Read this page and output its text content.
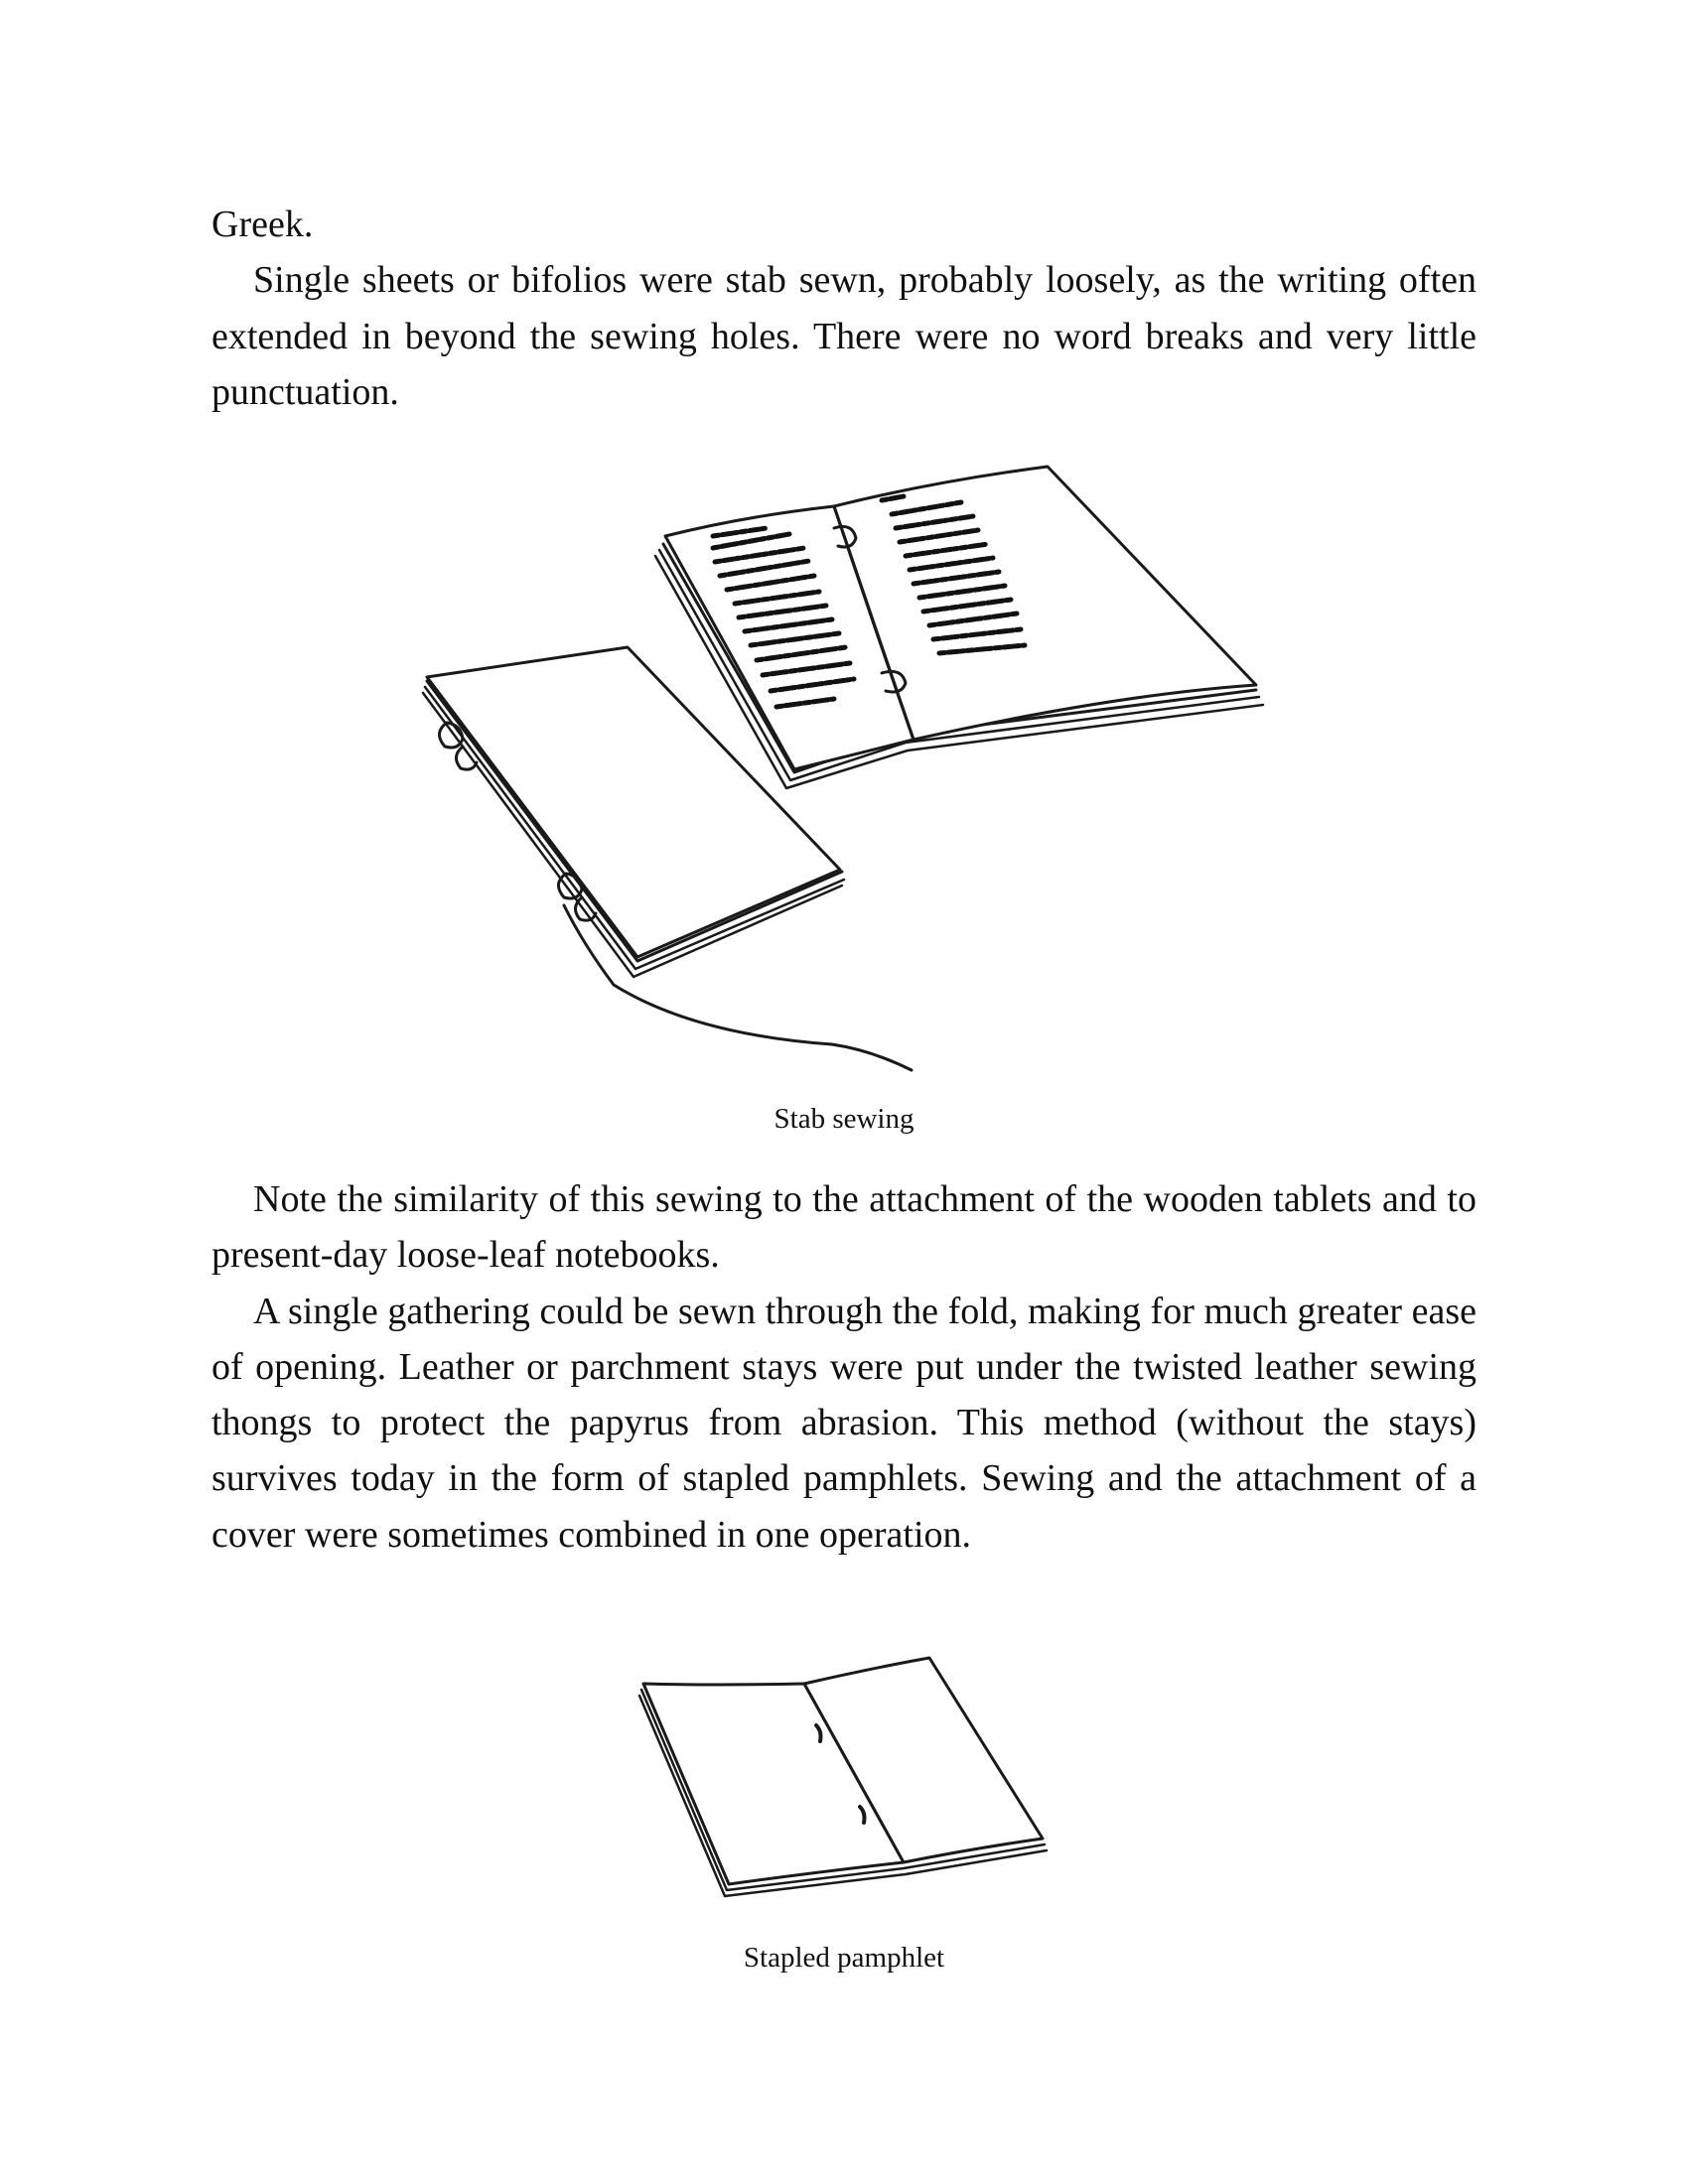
Greek.

Single sheets or bifolios were stab sewn, probably loosely, as the writing often extended in beyond the sewing holes. There were no word breaks and very little punctuation.

Stab sewing

Note the similarity of this sewing to the attachment of the wooden tablets and to present-day loose-leaf notebooks.

A single gathering could be sewn through the fold, making for much greater ease of opening. Leather or parchment stays were put under the twisted leather sewing thongs to protect the papyrus from abrasion. This method (without the stays) survives today in the form of stapled pamphlets. Sewing and the attachment of a cover were sometimes combined in one operation.

Stapled pamphlet
